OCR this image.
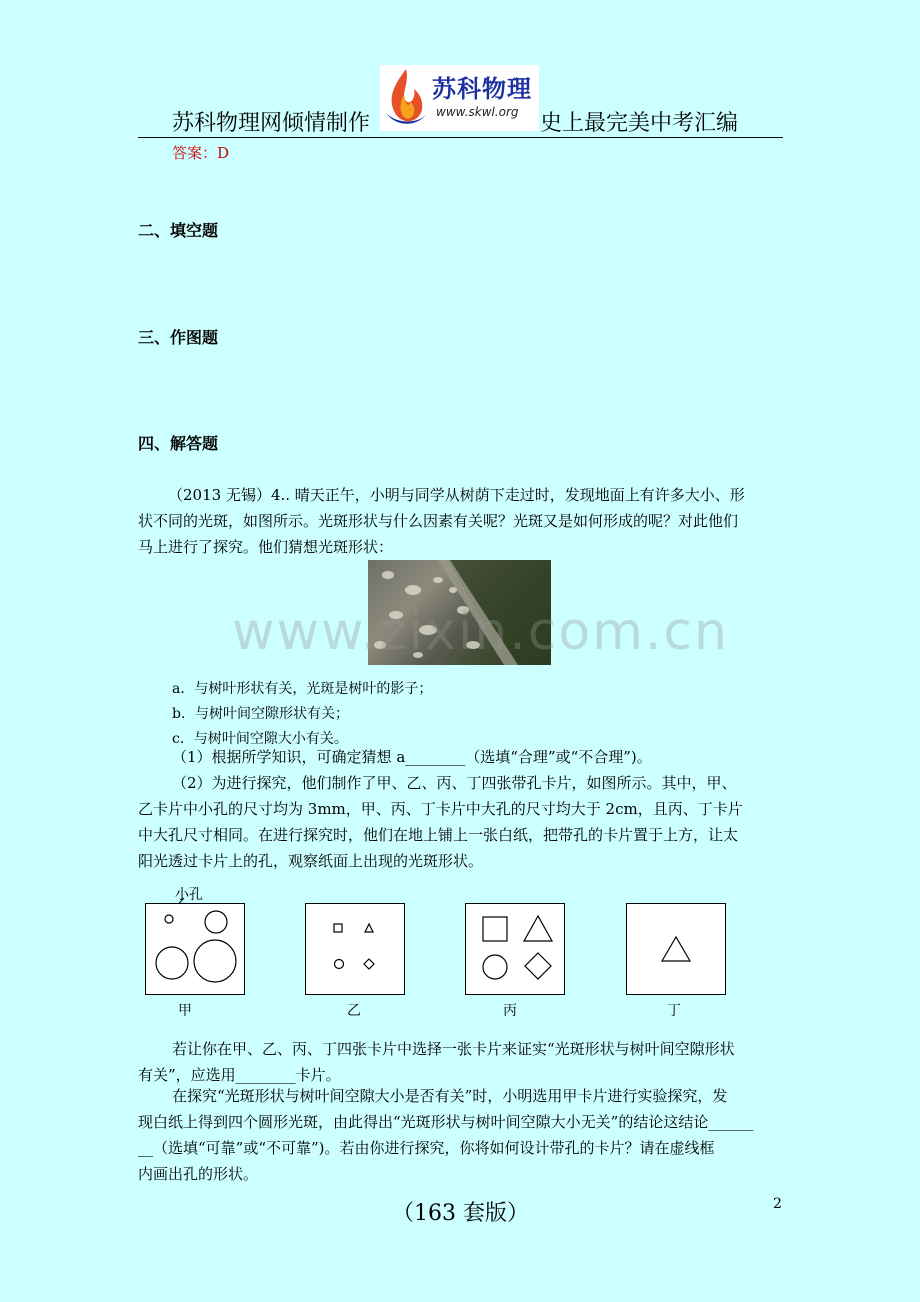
苏科物理网倾情制作
苏科物理
www.skwl.org 史上最完美中考汇编
答案：D
二、填空题
三、作图题
四、解答题

（2013 无锡）4.. 晴天正午，小明与同学从树荫下走过时，发现地面上有许多大小、形

状不同的光斑，如图所示。光斑形状与什么因素有关呢？光斑又是如何形成的呢？对此他们

马上进行了探究。他们猜想光斑形状：

www.zixin.com.cn
a．与树叶形状有关，光斑是树叶的影子；
b．与树叶间空隙形状有关；
c．与树叶间空隙大小有关。

（1）根据所学知识，可确定猜想 a________（选填“合理”或“不合理”)。

（2）为进行探究，他们制作了甲、乙、丙、丁四张带孔卡片，如图所示。其中，甲、

乙卡片中小孔的尺寸均为 3mm，甲、丙、丁卡片中大孔的尺寸均大于 2cm，且丙、丁卡片

中大孔尺寸相同。在进行探究时，他们在地上铺上一张白纸，把带孔的卡片置于上方，让太

阳光透过卡片上的孔，观察纸面上出现的光斑形状。

小孔
甲	乙	丙	丁

若让你在甲、乙、丙、丁四张卡片中选择一张卡片来证实“光斑形状与树叶间空隙形状

有关”，应选用________卡片。

在探究“光斑形状与树叶间空隙大小是否有关”时，小明选用甲卡片进行实验探究，发

现白纸上得到四个圆形光斑，由此得出“光斑形状与树叶间空隙大小无关”的结论这结论______

__（选填“可靠”或“不可靠”)。若由你进行探究，你将如何设计带孔的卡片？请在虚线框

内画出孔的形状。

（163 套版）	2
